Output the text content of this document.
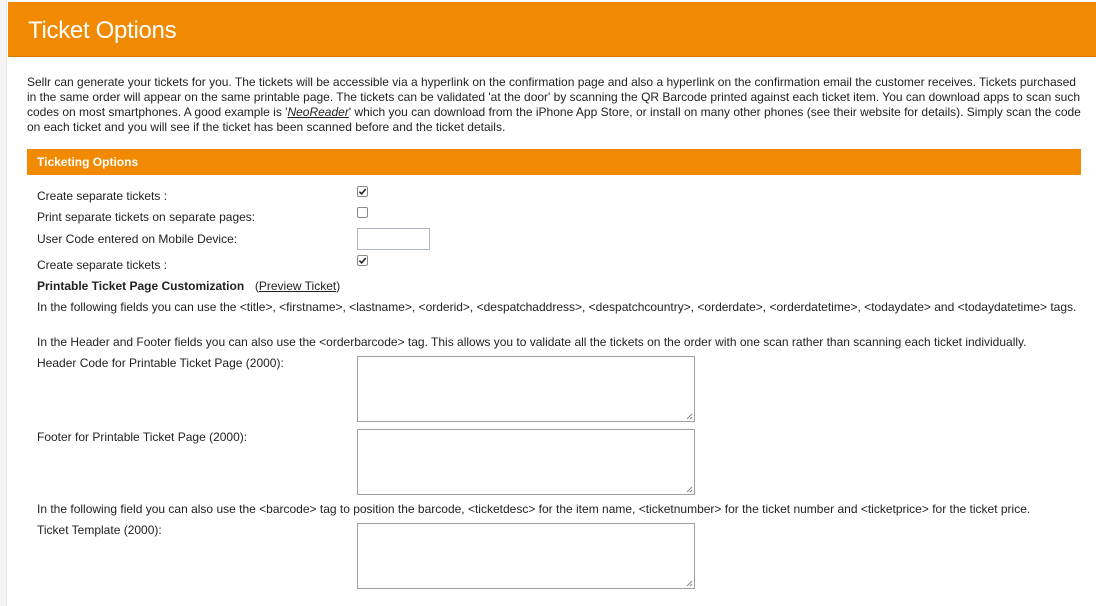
Ticket Options
Sellr can generate your tickets for you. The tickets will be accessible via a hyperlink on the confirmation page and also a hyperlink on the confirmation email the customer receives. Tickets purchased in the same order will appear on the same printable page. The tickets can be validated 'at the door' by scanning the QR Barcode printed against each ticket item. You can download apps to scan such codes on most smartphones. A good example is 'NeoReader' which you can download from the iPhone App Store, or install on many other phones (see their website for details). Simply scan the code on each ticket and you will see if the ticket has been scanned before and the ticket details.
Ticketing Options
Create separate tickets :
Print separate tickets on separate pages:
User Code entered on Mobile Device:
Create separate tickets :
Printable Ticket Page Customization (Preview Ticket)
In the following fields you can use the <title>, <firstname>, <lastname>, <orderid>, <despatchaddress>, <despatchcountry>, <orderdate>, <orderdatetime>, <todaydate> and <todaydatetime> tags.
In the Header and Footer fields you can also use the <orderbarcode> tag. This allows you to validate all the tickets on the order with one scan rather than scanning each ticket individually.
Header Code for Printable Ticket Page (2000):
Footer for Printable Ticket Page (2000):
In the following field you can also use the <barcode> tag to position the barcode, <ticketdesc> for the item name, <ticketnumber> for the ticket number and <ticketprice> for the ticket price.
Ticket Template (2000):
